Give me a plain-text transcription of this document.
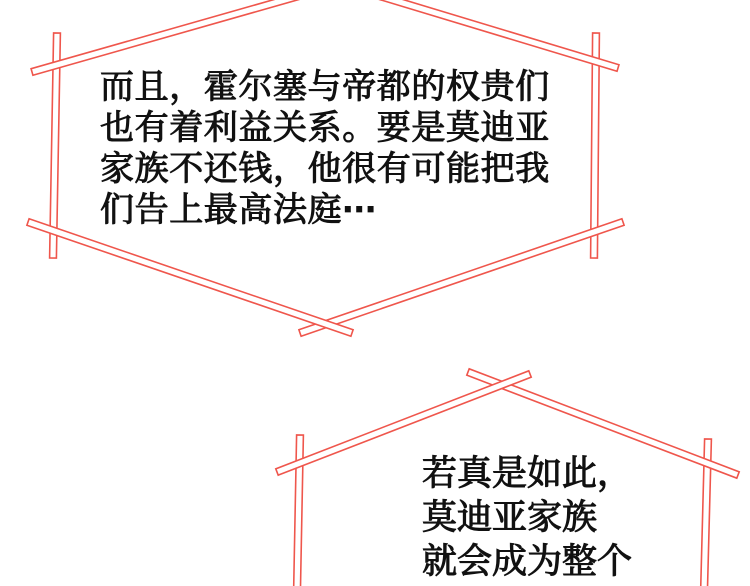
而且，霍尔塞与帝都的权贵们
也有着利益关系。要是莫迪亚
家族不还钱，他很有可能把我
们告上最高法庭⋯
若真是如此，
莫迪亚家族
就会成为整个
